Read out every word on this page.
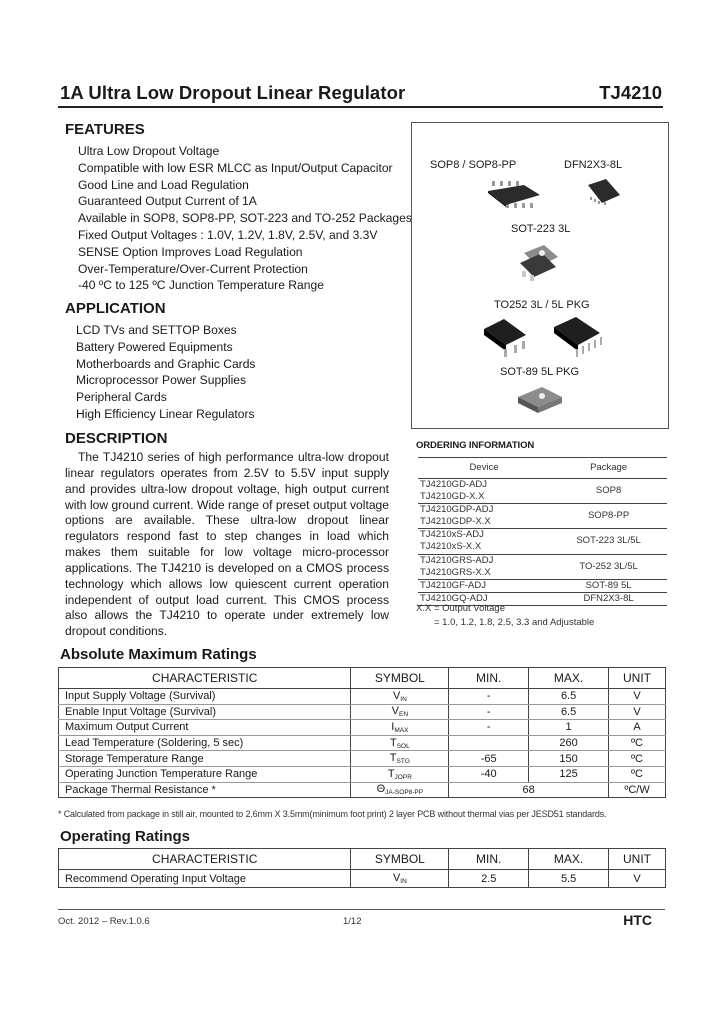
1A Ultra Low Dropout Linear Regulator	TJ4210
FEATURES
Ultra Low Dropout Voltage
Compatible with low ESR MLCC as Input/Output Capacitor
Good Line and Load Regulation
Guaranteed Output Current of 1A
Available in SOP8, SOP8-PP, SOT-223 and TO-252 Packages
Fixed Output Voltages : 1.0V, 1.2V, 1.8V, 2.5V, and 3.3V
SENSE Option Improves Load Regulation
Over-Temperature/Over-Current Protection
-40 ºC to 125 ºC Junction Temperature Range
APPLICATION
LCD TVs and SETTOP Boxes
Battery Powered Equipments
Motherboards and Graphic Cards
Microprocessor Power Supplies
Peripheral Cards
High Efficiency Linear Regulators
DESCRIPTION
The TJ4210 series of high performance ultra-low dropout linear regulators operates from 2.5V to 5.5V input supply and provides ultra-low dropout voltage, high output current with low ground current. Wide range of preset output voltage options are available. These ultra-low dropout linear regulators respond fast to step changes in load which makes them suitable for low voltage micro-processor applications. The TJ4210 is developed on a CMOS process technology which allows low quiescent current operation independent of output load current. This CMOS process also allows the TJ4210 to operate under extremely low dropout conditions.
SOP8 / SOP8-PP	DFN2X3-8L
SOT-223 3L
TO252 3L / 5L PKG
SOT-89 5L PKG
ORDERING INFORMATION
Device	Package
TJ4210GD-ADJ	SOP8
TJ4210GD-X.X	
TJ4210GDP-ADJ	SOP8-PP
TJ4210GDP-X.X	
TJ4210xS-ADJ	SOT-223 3L/5L
TJ4210xS-X.X	
TJ4210GRS-ADJ	TO-252 3L/5L
TJ4210GRS-X.X	
TJ4210GF-ADJ	SOT-89 5L
TJ4210GQ-ADJ	DFN2X3-8L
X.X = Output Voltage
= 1.0, 1.2, 1.8, 2.5, 3.3 and Adjustable
Absolute Maximum Ratings
CHARACTERISTIC	SYMBOL	MIN.	MAX.	UNIT
Input Supply Voltage (Survival)	$V_{IN}$	-	6.5	V
Enable Input Voltage (Survival)	$V_{EN}$	-	6.5	V
Maximum Output Current	$I_{MAX}$	-	1	A
Lead Temperature (Soldering, 5 sec)	$T_{SOL}$		260	ºC
Storage Temperature Range	$T_{STG}$	-65	150	ºC
Operating Junction Temperature Range	$T_{JOPR}$	-40	125	ºC
Package Thermal Resistance *	$\Theta_{JA-SOP8-PP}$	68		ºC/W
* Calculated from package in still air, mounted to 2.6mm X 3.5mm(minimum foot print) 2 layer PCB without thermal vias per JESD51 standards.
Operating Ratings
CHARACTERISTIC	SYMBOL	MIN.	MAX.	UNIT
Recommend Operating Input Voltage	$V_{IN}$	2.5	5.5	V
Oct. 2012 – Rev.1.0.6	1/12	HTC
